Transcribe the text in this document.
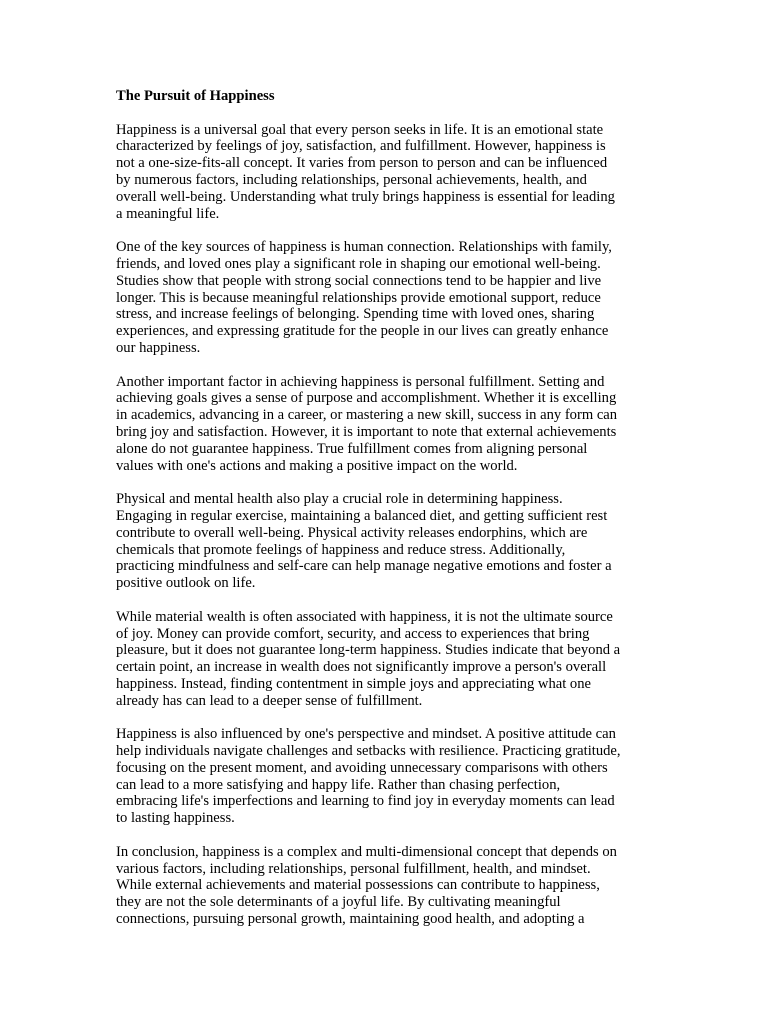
The Pursuit of Happiness
Happiness is a universal goal that every person seeks in life. It is an emotional state
characterized by feelings of joy, satisfaction, and fulfillment. However, happiness is
not a one-size-fits-all concept. It varies from person to person and can be influenced
by numerous factors, including relationships, personal achievements, health, and
overall well-being. Understanding what truly brings happiness is essential for leading
a meaningful life.
One of the key sources of happiness is human connection. Relationships with family,
friends, and loved ones play a significant role in shaping our emotional well-being.
Studies show that people with strong social connections tend to be happier and live
longer. This is because meaningful relationships provide emotional support, reduce
stress, and increase feelings of belonging. Spending time with loved ones, sharing
experiences, and expressing gratitude for the people in our lives can greatly enhance
our happiness.
Another important factor in achieving happiness is personal fulfillment. Setting and
achieving goals gives a sense of purpose and accomplishment. Whether it is excelling
in academics, advancing in a career, or mastering a new skill, success in any form can
bring joy and satisfaction. However, it is important to note that external achievements
alone do not guarantee happiness. True fulfillment comes from aligning personal
values with one's actions and making a positive impact on the world.
Physical and mental health also play a crucial role in determining happiness.
Engaging in regular exercise, maintaining a balanced diet, and getting sufficient rest
contribute to overall well-being. Physical activity releases endorphins, which are
chemicals that promote feelings of happiness and reduce stress. Additionally,
practicing mindfulness and self-care can help manage negative emotions and foster a
positive outlook on life.
While material wealth is often associated with happiness, it is not the ultimate source
of joy. Money can provide comfort, security, and access to experiences that bring
pleasure, but it does not guarantee long-term happiness. Studies indicate that beyond a
certain point, an increase in wealth does not significantly improve a person's overall
happiness. Instead, finding contentment in simple joys and appreciating what one
already has can lead to a deeper sense of fulfillment.
Happiness is also influenced by one's perspective and mindset. A positive attitude can
help individuals navigate challenges and setbacks with resilience. Practicing gratitude,
focusing on the present moment, and avoiding unnecessary comparisons with others
can lead to a more satisfying and happy life. Rather than chasing perfection,
embracing life's imperfections and learning to find joy in everyday moments can lead
to lasting happiness.
In conclusion, happiness is a complex and multi-dimensional concept that depends on
various factors, including relationships, personal fulfillment, health, and mindset.
While external achievements and material possessions can contribute to happiness,
they are not the sole determinants of a joyful life. By cultivating meaningful
connections, pursuing personal growth, maintaining good health, and adopting a
